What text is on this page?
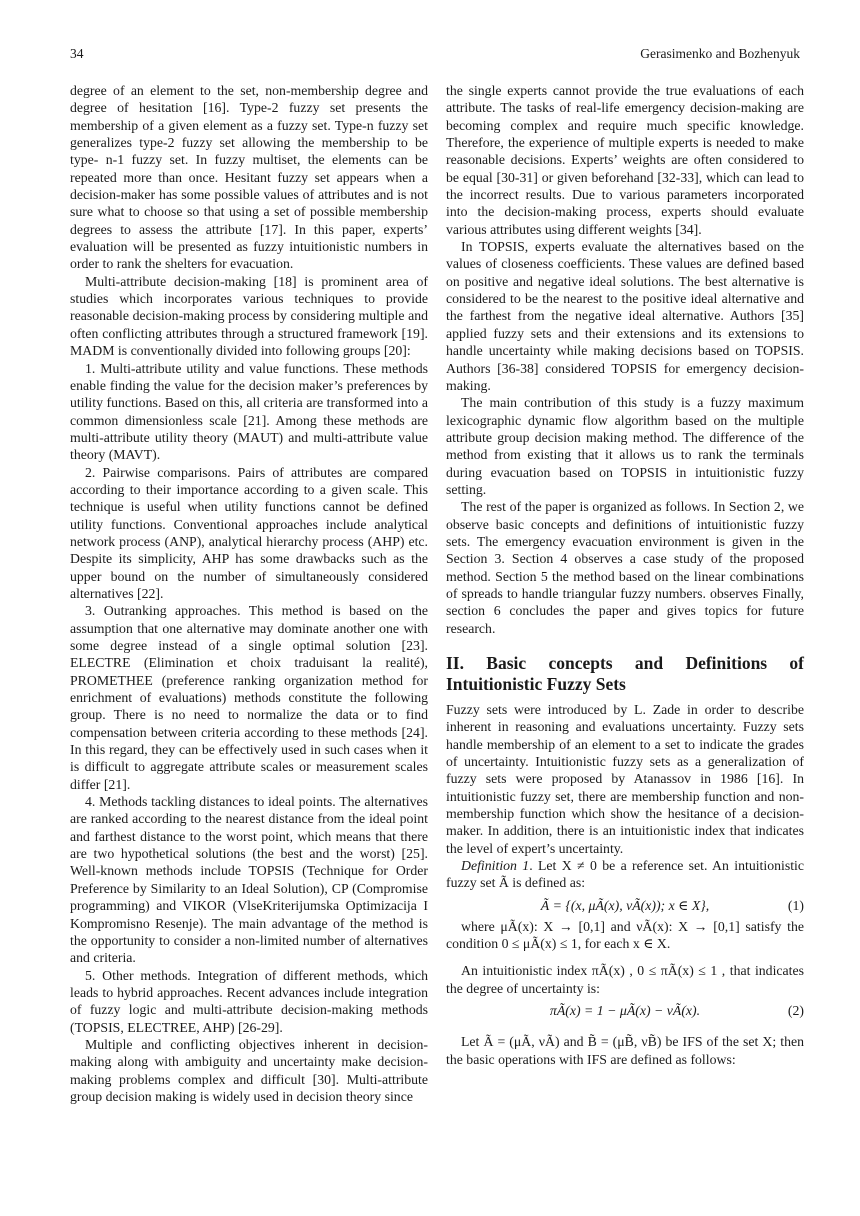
34	Gerasimenko and Bozhenyuk

degree of an element to the set, non-membership degree and degree of hesitation [16]. Type-2 fuzzy set presents the membership of a given element as a fuzzy set. Type-n fuzzy set generalizes type-2 fuzzy set allowing the membership to be type- n-1 fuzzy set. In fuzzy multiset, the elements can be repeated more than once. Hesitant fuzzy set appears when a decision-maker has some possible values of attributes and is not sure what to choose so that using a set of possible membership degrees to assess the attribute [17]. In this paper, experts’ evaluation will be presented as fuzzy intuitionistic numbers in order to rank the shelters for evacuation.

Multi-attribute decision-making [18] is prominent area of studies which incorporates various techniques to provide reasonable decision-making process by considering multiple and often conflicting attributes through a structured framework [19]. MADM is conventionally divided into following groups [20]:

1. Multi-attribute utility and value functions. These methods enable finding the value for the decision maker’s preferences by utility functions. Based on this, all criteria are transformed into a common dimensionless scale [21]. Among these methods are multi-attribute utility theory (MAUT) and multi-attribute value theory (MAVT).

2. Pairwise comparisons. Pairs of attributes are compared according to their importance according to a given scale. This technique is useful when utility functions cannot be defined utility functions. Conventional approaches include analytical network process (ANP), analytical hierarchy process (AHP) etc. Despite its simplicity, AHP has some drawbacks such as the upper bound on the number of simultaneously considered alternatives [22].

3. Outranking approaches. This method is based on the assumption that one alternative may dominate another one with some degree instead of a single optimal solution [23]. ELECTRE (Elimination et choix traduisant la realité), PROMETHEE (preference ranking organization method for enrichment of evaluations) methods constitute the following group. There is no need to normalize the data or to find compensation between criteria according to these methods [24]. In this regard, they can be effectively used in such cases when it is difficult to aggregate attribute scales or measurement scales differ [21].

4. Methods tackling distances to ideal points. The alternatives are ranked according to the nearest distance from the ideal point and farthest distance to the worst point, which means that there are two hypothetical solutions (the best and the worst) [25]. Well-known methods include TOPSIS (Technique for Order Preference by Similarity to an Ideal Solution), CP (Compromise programming) and VIKOR (VlseKriterijumska Optimizacija I Kompromisno Resenje). The main advantage of the method is the opportunity to consider a non-limited number of alternatives and criteria.

5. Other methods. Integration of different methods, which leads to hybrid approaches. Recent advances include integration of fuzzy logic and multi-attribute decision-making methods (TOPSIS, ELECTREE, AHP) [26-29].

Multiple and conflicting objectives inherent in decision-making along with ambiguity and uncertainty make decision-making problems complex and difficult [30]. Multi-attribute group decision making is widely used in decision theory since

the single experts cannot provide the true evaluations of each attribute. The tasks of real-life emergency decision-making are becoming complex and require much specific knowledge. Therefore, the experience of multiple experts is needed to make reasonable decisions. Experts’ weights are often considered to be equal [30-31] or given beforehand [32-33], which can lead to the incorrect results. Due to various parameters incorporated into the decision-making process, experts should evaluate various attributes using different weights [34].

In TOPSIS, experts evaluate the alternatives based on the values of closeness coefficients. These values are defined based on positive and negative ideal solutions. The best alternative is considered to be the nearest to the positive ideal alternative and the farthest from the negative ideal alternative. Authors [35] applied fuzzy sets and their extensions and its extensions to handle uncertainty while making decisions based on TOPSIS. Authors [36-38] considered TOPSIS for emergency decision-making.

The main contribution of this study is a fuzzy maximum lexicographic dynamic flow algorithm based on the multiple attribute group decision making method. The difference of the method from existing that it allows us to rank the terminals during evacuation based on TOPSIS in intuitionistic fuzzy setting.

The rest of the paper is organized as follows. In Section 2, we observe basic concepts and definitions of intuitionistic fuzzy sets. The emergency evacuation environment is given in the Section 3. Section 4 observes a case study of the proposed method. Section 5 the method based on the linear combinations of spreads to handle triangular fuzzy numbers. observes Finally, section 6 concludes the paper and gives topics for future research.

II. Basic concepts and Definitions of
Intuitionistic Fuzzy Sets

Fuzzy sets were introduced by L. Zade in order to describe inherent in reasoning and evaluations uncertainty. Fuzzy sets handle membership of an element to a set to indicate the grades of uncertainty. Intuitionistic fuzzy sets as a generalization of fuzzy sets were proposed by Atanassov in 1986 [16]. In intuitionistic fuzzy set, there are membership function and non-membership function which show the hesitance of a decision-maker. In addition, there is an intuitionistic index that indicates the level of expert’s uncertainty.

Definition 1. Let X ≠ 0 be a reference set. An intuitionistic fuzzy set Ã is defined as:

Ã = {(x, μÃ(x), νÃ(x)); x ∈ X},	(1)

where μÃ(x): X → [0,1] and νÃ(x): X → [0,1] satisfy the condition 0 ≤ μÃ(x) ≤ 1, for each x ∈ X.

An intuitionistic index πÃ(x) , 0 ≤ πÃ(x) ≤ 1 , that indicates the degree of uncertainty is:

πÃ(x) = 1 − μÃ(x) − νÃ(x).	(2)

Let Ã = (μÃ, νÃ) and B̃ = (μB̃, νB̃) be IFS of the set X; then the basic operations with IFS are defined as follows:
